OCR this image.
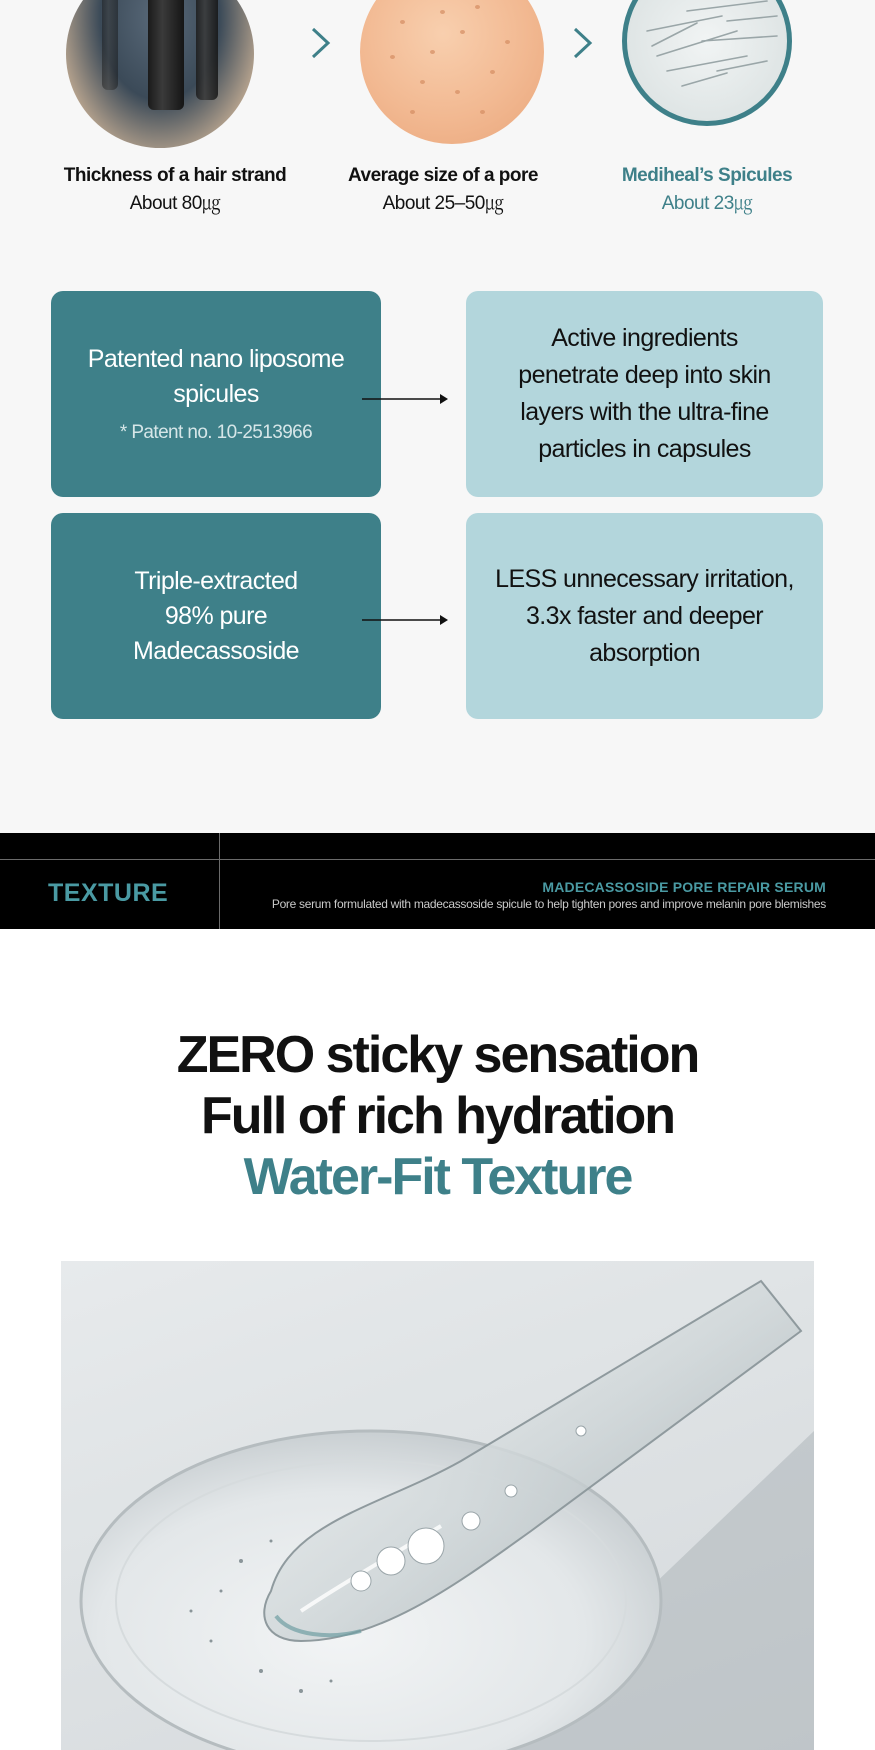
Thickness of a hair strand
About 80㎍
Average size of a pore
About 25–50㎍
Mediheal’s Spicules
About 23㎍
Patented nano liposome
spicules
* Patent no. 10-2513966
Active ingredients
penetrate deep into skin
layers with the ultra-fine
particles in capsules
Triple-extracted
98% pure
Madecassoside
LESS unnecessary irritation,
3.3x faster and deeper
absorption
TEXTURE	MADECASSOSIDE PORE REPAIR SERUM
Pore serum formulated with madecassoside spicule to help tighten pores and improve melanin pore blemishes
ZERO sticky sensation
Full of rich hydration
Water-Fit Texture
